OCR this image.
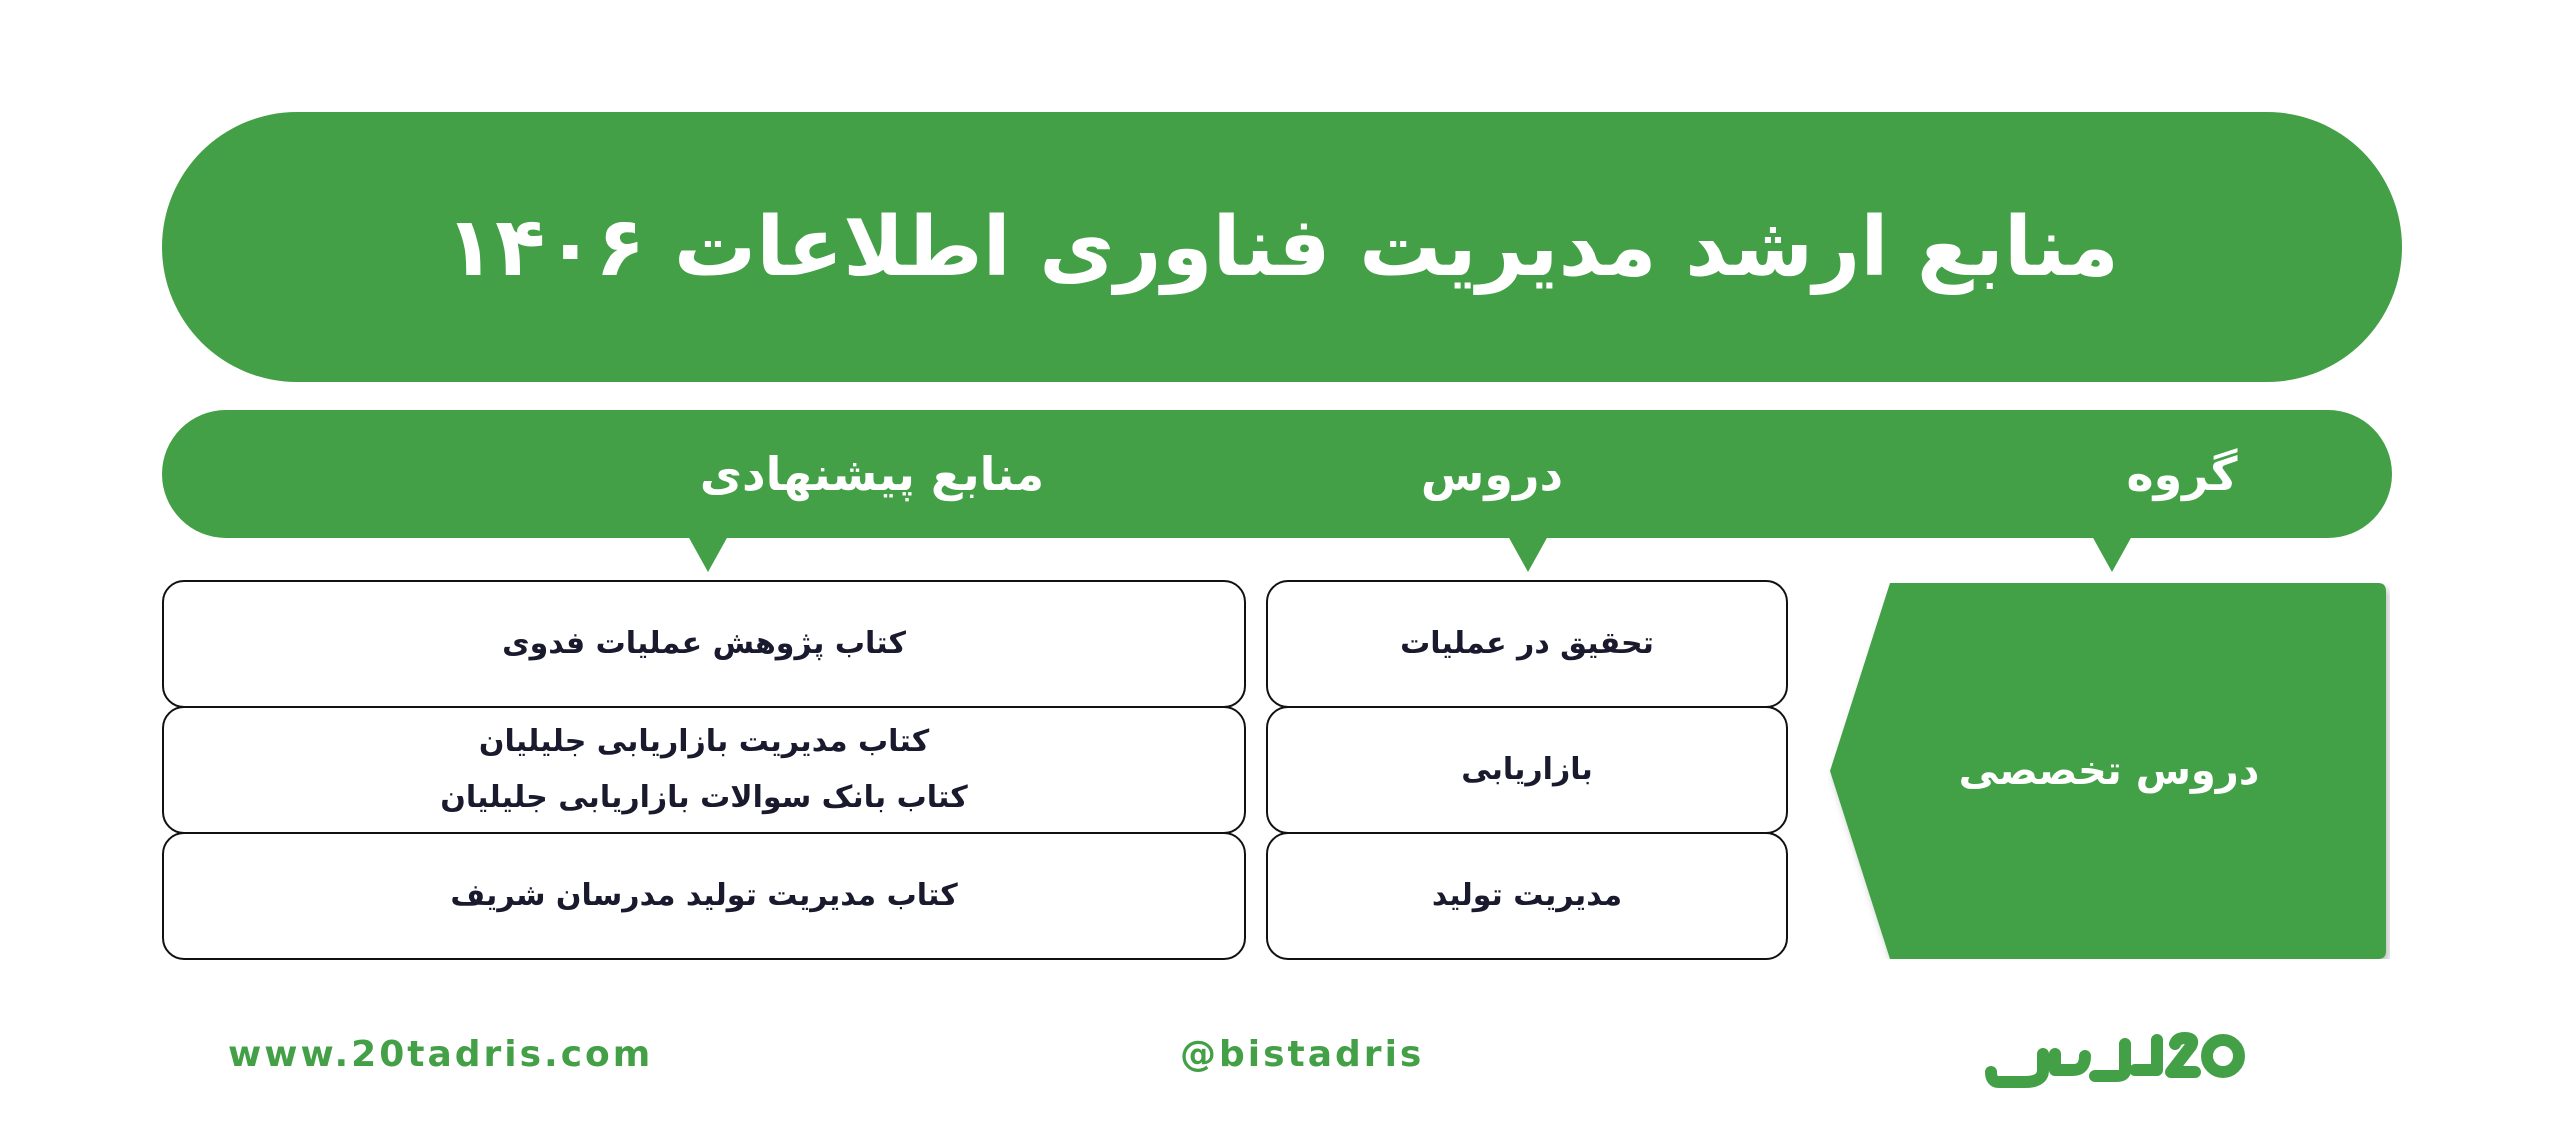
منابع ارشد مدیریت فناوری اطلاعات ۱۴۰۶
گروه
دروس
منابع پیشنهادی
دروس تخصصی
تحقیق در عملیات
بازاریابی
مدیریت تولید
کتاب پژوهش عملیات فدوی
کتاب مدیریت بازاریابی جلیلیان
کتاب بانک سوالات بازاریابی جلیلیان
کتاب مدیریت تولید مدرسان شریف
www.20tadris.com	@bistadris
